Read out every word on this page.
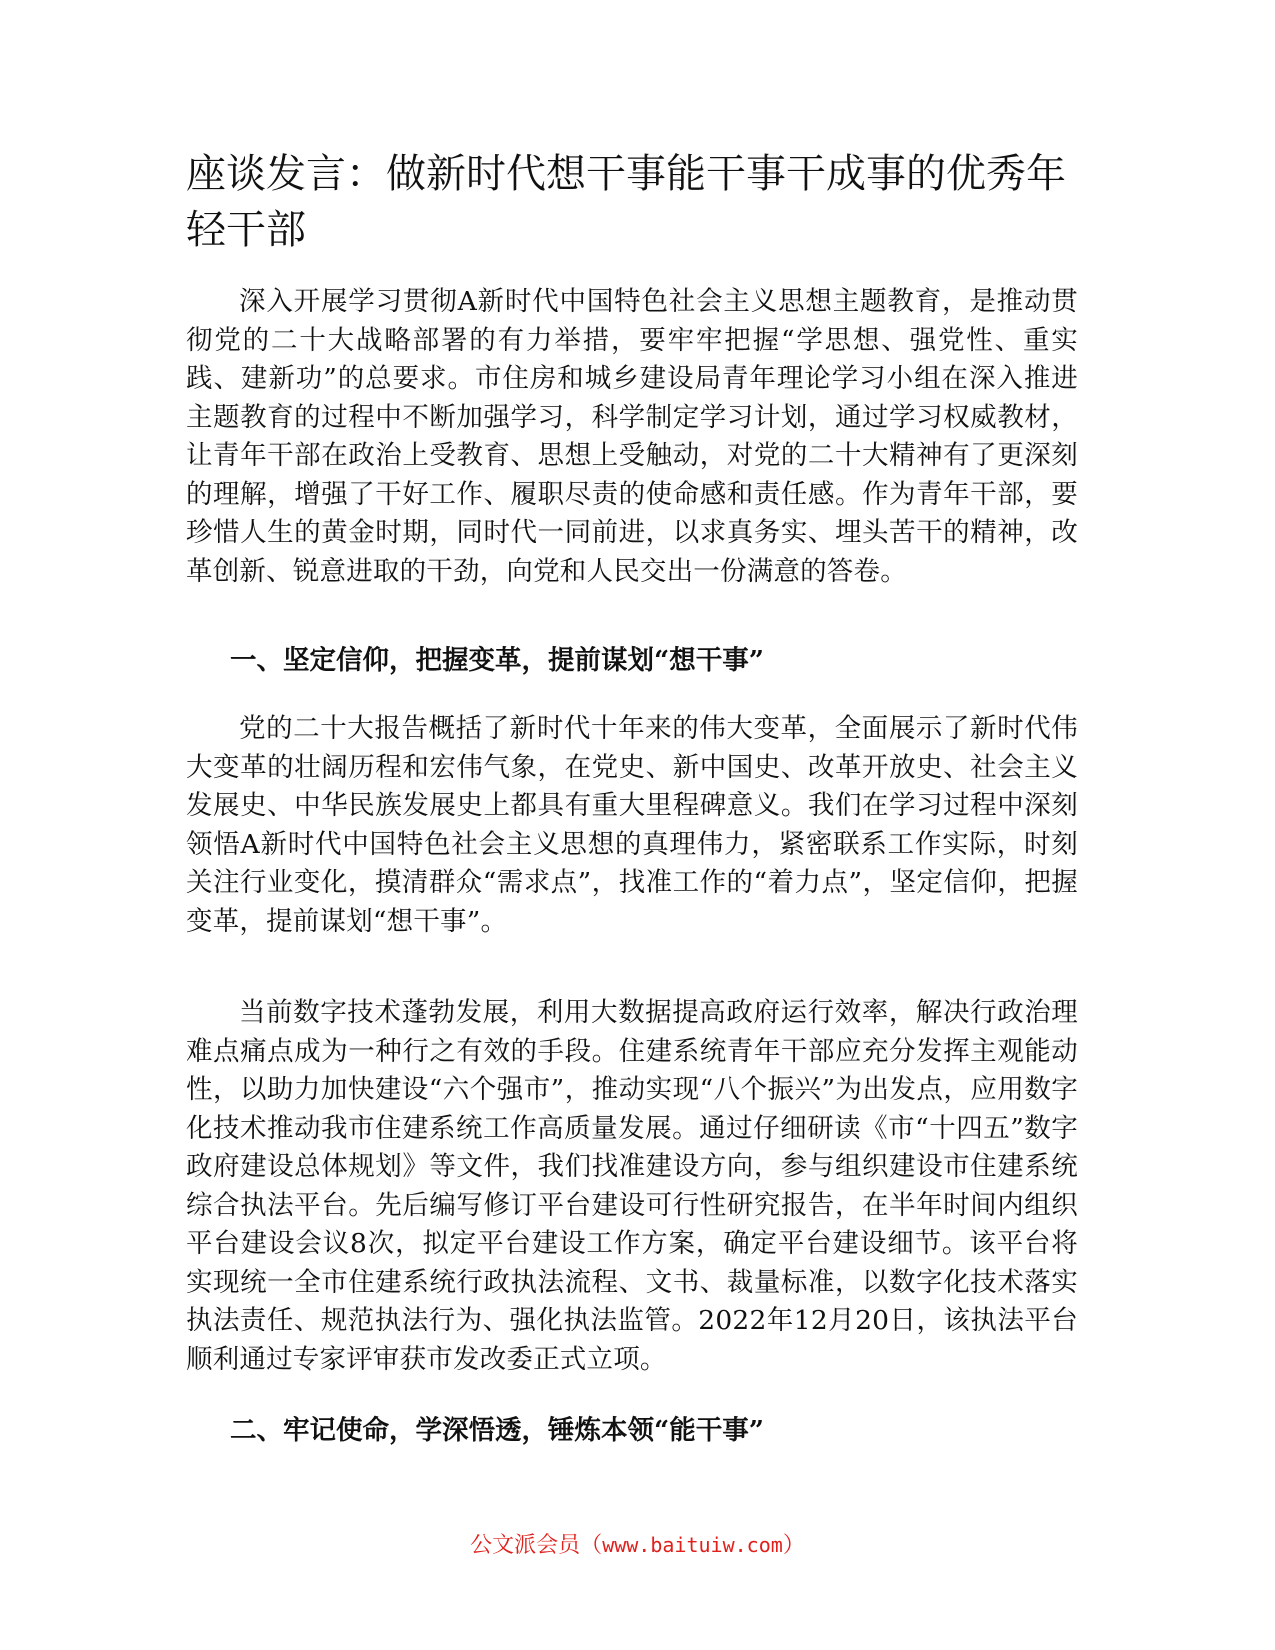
座谈发言：做新时代想干事能干事干成事的优秀年轻干部

深入开展学习贯彻A新时代中国特色社会主义思想主题教育，是推动贯彻党的二十大战略部署的有力举措，要牢牢把握“学思想、强党性、重实践、建新功”的总要求。市住房和城乡建设局青年理论学习小组在深入推进主题教育的过程中不断加强学习，科学制定学习计划，通过学习权威教材，让青年干部在政治上受教育、思想上受触动，对党的二十大精神有了更深刻的理解，增强了干好工作、履职尽责的使命感和责任感。作为青年干部，要珍惜人生的黄金时期，同时代一同前进，以求真务实、埋头苦干的精神，改革创新、锐意进取的干劲，向党和人民交出一份满意的答卷。

一、坚定信仰，把握变革，提前谋划“想干事”

党的二十大报告概括了新时代十年来的伟大变革，全面展示了新时代伟大变革的壮阔历程和宏伟气象，在党史、新中国史、改革开放史、社会主义发展史、中华民族发展史上都具有重大里程碑意义。我们在学习过程中深刻领悟A新时代中国特色社会主义思想的真理伟力，紧密联系工作实际，时刻关注行业变化，摸清群众“需求点”，找准工作的“着力点”，坚定信仰，把握变革，提前谋划“想干事”。

当前数字技术蓬勃发展，利用大数据提高政府运行效率，解决行政治理难点痛点成为一种行之有效的手段。住建系统青年干部应充分发挥主观能动性，以助力加快建设“六个强市”，推动实现“八个振兴”为出发点，应用数字化技术推动我市住建系统工作高质量发展。通过仔细研读《市“十四五”数字政府建设总体规划》等文件，我们找准建设方向，参与组织建设市住建系统综合执法平台。先后编写修订平台建设可行性研究报告，在半年时间内组织平台建设会议8次，拟定平台建设工作方案，确定平台建设细节。该平台将实现统一全市住建系统行政执法流程、文书、裁量标准，以数字化技术落实执法责任、规范执法行为、强化执法监管。2022年12月20日，该执法平台顺利通过专家评审获市发改委正式立项。

二、牢记使命，学深悟透，锤炼本领“能干事”
公文派会员（www.baituiw.com）
